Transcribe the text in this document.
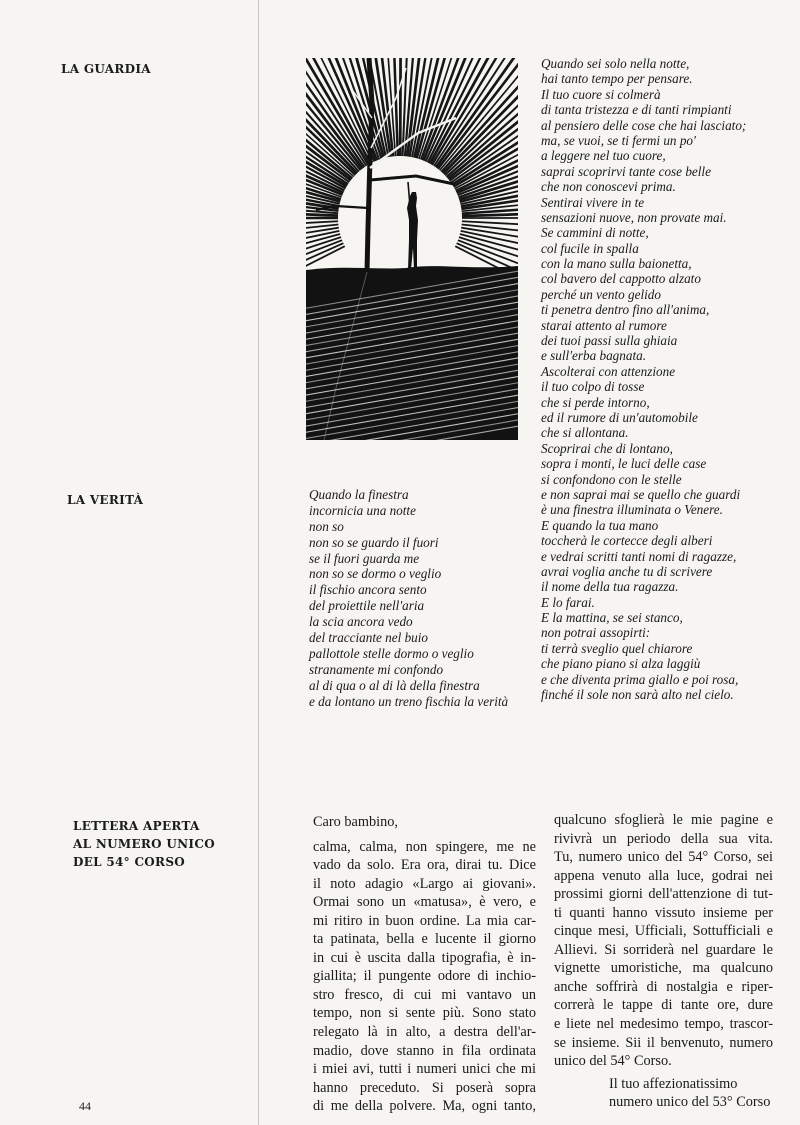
LA GUARDIA
LA VERITÀ
LETTERA APERTA
AL NUMERO UNICO
DEL 54° CORSO
Quando sei solo nella notte,
hai tanto tempo per pensare.
Il tuo cuore si colmerà
di tanta tristezza e di tanti rimpianti
al pensiero delle cose che hai lasciato;
ma, se vuoi, se ti fermi un po'
a leggere nel tuo cuore,
saprai scoprirvi tante cose belle
che non conoscevi prima.
Sentirai vivere in te
sensazioni nuove, non provate mai.
Se cammini di notte,
col fucile in spalla
con la mano sulla baionetta,
col bavero del cappotto alzato
perché un vento gelido
ti penetra dentro fino all'anima,
starai attento al rumore
dei tuoi passi sulla ghiaia
e sull'erba bagnata.
Ascolterai con attenzione
il tuo colpo di tosse
che si perde intorno,
ed il rumore di un'automobile
che si allontana.
Scoprirai che di lontano,
sopra i monti, le luci delle case
si confondono con le stelle
e non saprai mai se quello che guardi
è una finestra illuminata o Venere.
E quando la tua mano
toccherà le cortecce degli alberi
e vedrai scritti tanti nomi di ragazze,
avrai voglia anche tu di scrivere
il nome della tua ragazza.
E lo farai.
E la mattina, se sei stanco,
non potrai assopirti:
ti terrà sveglio quel chiarore
che piano piano si alza laggiù
e che diventa prima giallo e poi rosa,
finché il sole non sarà alto nel cielo.
Quando la finestra
incornicia una notte
non so
non so se guardo il fuori
se il fuori guarda me
non so se dormo o veglio
il fischio ancora sento
del proiettile nell'aria
la scia ancora vedo
del tracciante nel buio
pallottole stelle dormo o veglio
stranamente mi confondo
al di qua o al di là della finestra
e da lontano un treno fischia la verità

Caro bambino,

calma, calma, non spingere, me ne
vado da solo. Era ora, dirai tu. Dice
il noto adagio «Largo ai giovani».
Ormai sono un «matusa», è vero, e
mi ritiro in buon ordine. La mia car-
ta patinata, bella e lucente il giorno
in cui è uscita dalla tipografia, è in-
giallita; il pungente odore di inchio-
stro fresco, di cui mi vantavo un
tempo, non si sente più. Sono stato
relegato là in alto, a destra dell'ar-
madio, dove stanno in fila ordinata
i miei avi, tutti i numeri unici che mi
hanno preceduto. Si poserà sopra
di me della polvere. Ma, ogni tanto,
qualcuno sfoglierà le mie pagine e
rivivrà un periodo della sua vita.
Tu, numero unico del 54° Corso, sei
appena venuto alla luce, godrai nei
prossimi giorni dell'attenzione di tut-
ti quanti hanno vissuto insieme per
cinque mesi, Ufficiali, Sottufficiali e
Allievi. Si sorriderà nel guardare le
vignette umoristiche, ma qualcuno
anche soffrirà di nostalgia e riper-
correrà le tappe di tante ore, dure
e liete nel medesimo tempo, trascor-
se insieme. Sii il benvenuto, numero
unico del 54° Corso.

Il tuo affezionatissimo

numero unico del 53° Corso

44
